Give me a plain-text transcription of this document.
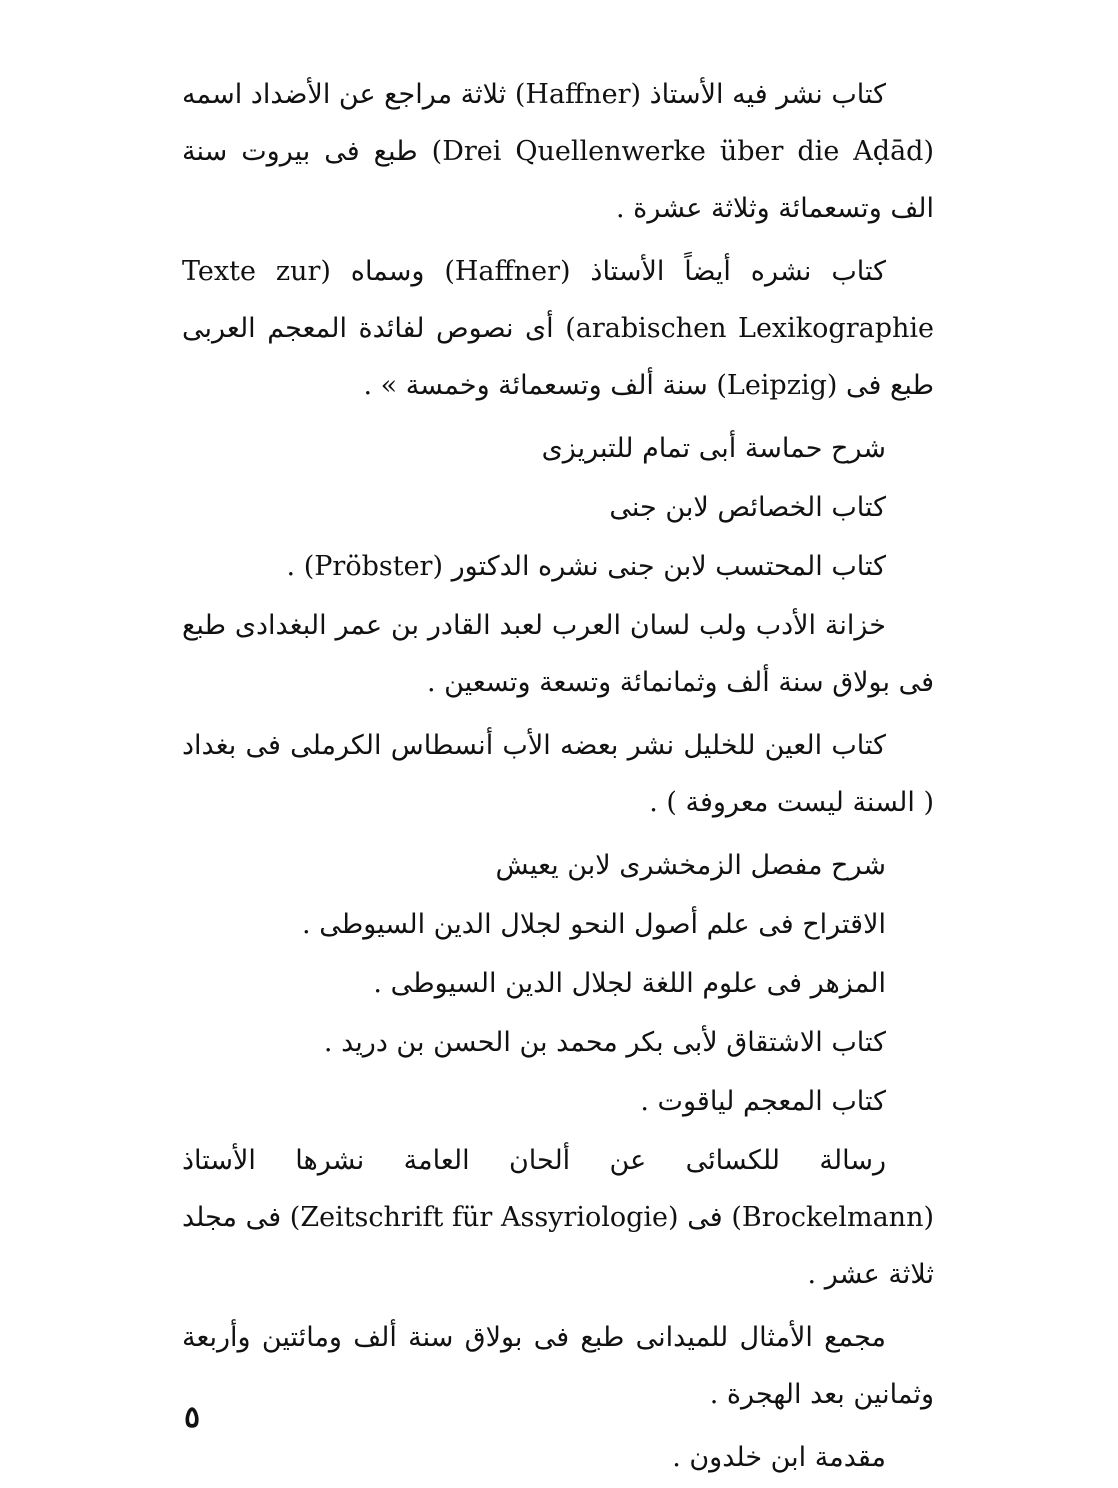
كتاب نشر فيه الأستاذ (Haffner) ثلاثة مراجع عن الأضداد اسمه (Drei Quellenwerke über die Aḍād) طبع فى بيروت سنة الف وتسعمائة وثلاثة عشرة .

كتاب نشره أيضاً الأستاذ (Haffner) وسماه (Texte zur arabischen Lexikographie) أى نصوص لفائدة المعجم العربى طبع فى (Leipzig) سنة ألف وتسعمائة وخمسة » .

شرح حماسة أبى تمام للتبريزى

كتاب الخصائص لابن جنى

كتاب المحتسب لابن جنى نشره الدكتور (Pröbster) .

خزانة الأدب ولب لسان العرب لعبد القادر بن عمر البغدادى طبع فى بولاق سنة ألف وثمانمائة وتسعة وتسعين .

كتاب العين للخليل نشر بعضه الأب أنسطاس الكرملى فى بغداد ( السنة ليست معروفة ) .

شرح مفصل الزمخشرى لابن يعيش

الاقتراح فى علم أصول النحو لجلال الدين السيوطى .

المزهر فى علوم اللغة لجلال الدين السيوطى .

كتاب الاشتقاق لأبى بكر محمد بن الحسن بن دريد .

كتاب المعجم لياقوت .

رسالة للكسائى عن ألحان العامة نشرها الأستاذ (Brockelmann) فى (Zeitschrift für Assyriologie) فى مجلد ثلاثة عشر .

مجمع الأمثال للميدانى طبع فى بولاق سنة ألف ومائتين وأربعة وثمانين بعد الهجرة .

مقدمة ابن خلدون .

٥
